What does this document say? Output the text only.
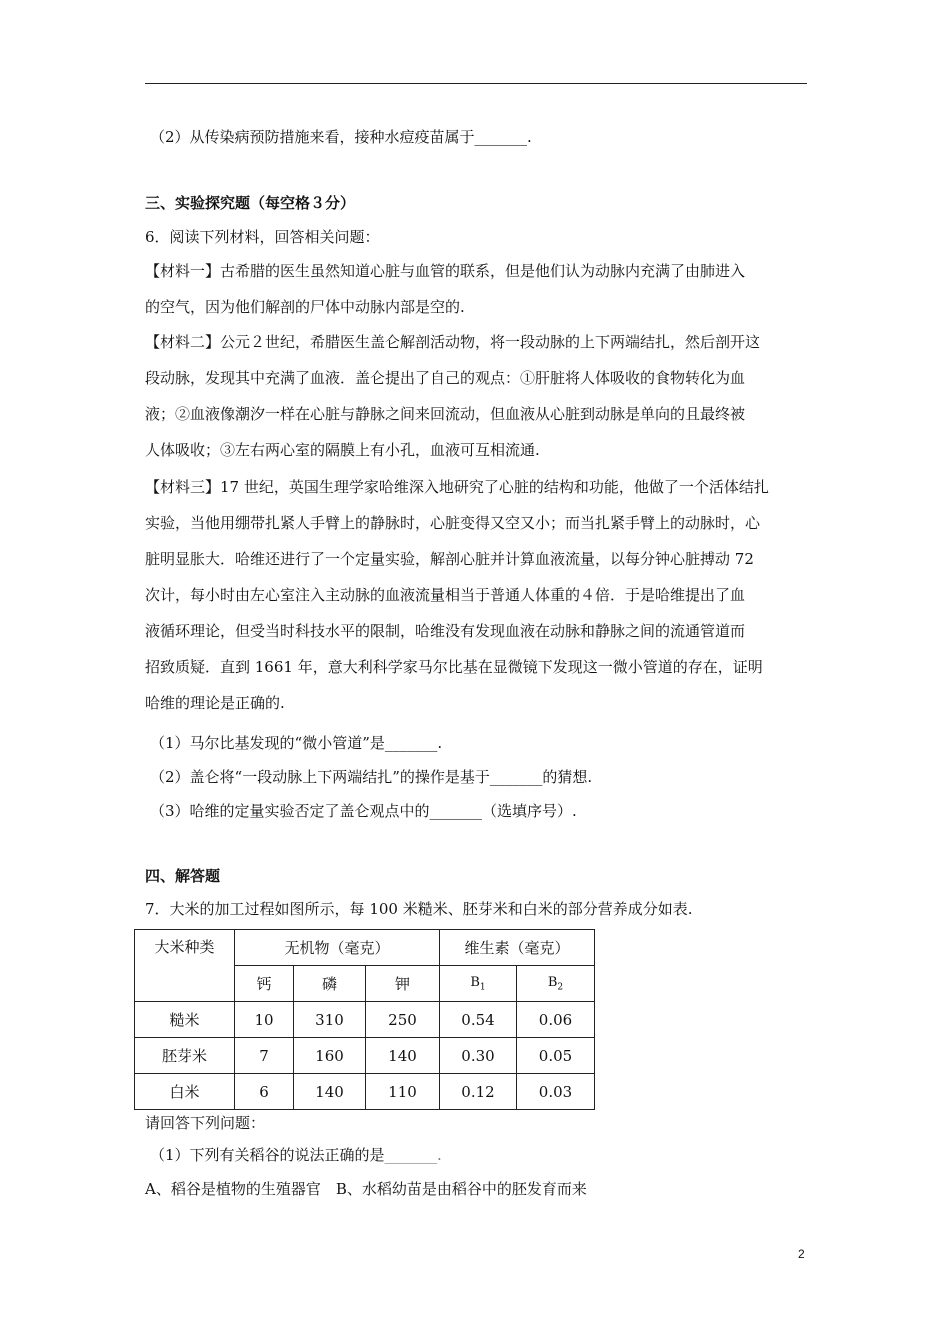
（2）从传染病预防措施来看，接种水痘疫苗属于_______.
三、实验探究题（每空格３分）
6．阅读下列材料，回答相关问题：
【材料一】古希腊的医生虽然知道心脏与血管的联系，但是他们认为动脉内充满了由肺进入
的空气，因为他们解剖的尸体中动脉内部是空的.
【材料二】公元２世纪，希腊医生盖仑解剖活动物，将一段动脉的上下两端结扎，然后剖开这
段动脉，发现其中充满了血液．盖仑提出了自己的观点：①肝脏将人体吸收的食物转化为血
液；②血液像潮汐一样在心脏与静脉之间来回流动，但血液从心脏到动脉是单向的且最终被
人体吸收；③左右两心室的隔膜上有小孔，血液可互相流通.
【材料三】17 世纪，英国生理学家哈维深入地研究了心脏的结构和功能，他做了一个活体结扎
实验，当他用绷带扎紧人手臂上的静脉时，心脏变得又空又小；而当扎紧手臂上的动脉时，心
脏明显胀大．哈维还进行了一个定量实验，解剖心脏并计算血液流量，以每分钟心脏搏动 72
次计，每小时由左心室注入主动脉的血液流量相当于普通人体重的４倍．于是哈维提出了血
液循环理论，但受当时科技水平的限制，哈维没有发现血液在动脉和静脉之间的流通管道而
招致质疑．直到 1661 年，意大利科学家马尔比基在显微镜下发现这一微小管道的存在，证明
哈维的理论是正确的.
（1）马尔比基发现的“微小管道”是_______.
（2）盖仑将“一段动脉上下两端结扎”的操作是基于_______的猜想.
（3）哈维的定量实验否定了盖仑观点中的_______（选填序号）.
四、解答题
7．大米的加工过程如图所示，每 100 米糙米、胚芽米和白米的部分营养成分如表.
大米种类	无机物（毫克）			维生素（毫克）	
	钙	磷	钾	$B_1$	$B_2$
糙米	10	310	250	0.54	0.06
胚芽米	7	160	140	0.30	0.05
白米	6	140	110	0.12	0.03
请回答下列问题：
（1）下列有关稻谷的说法正确的是_______.
A、稻谷是植物的生殖器官　B、水稻幼苗是由稻谷中的胚发育而来
2
